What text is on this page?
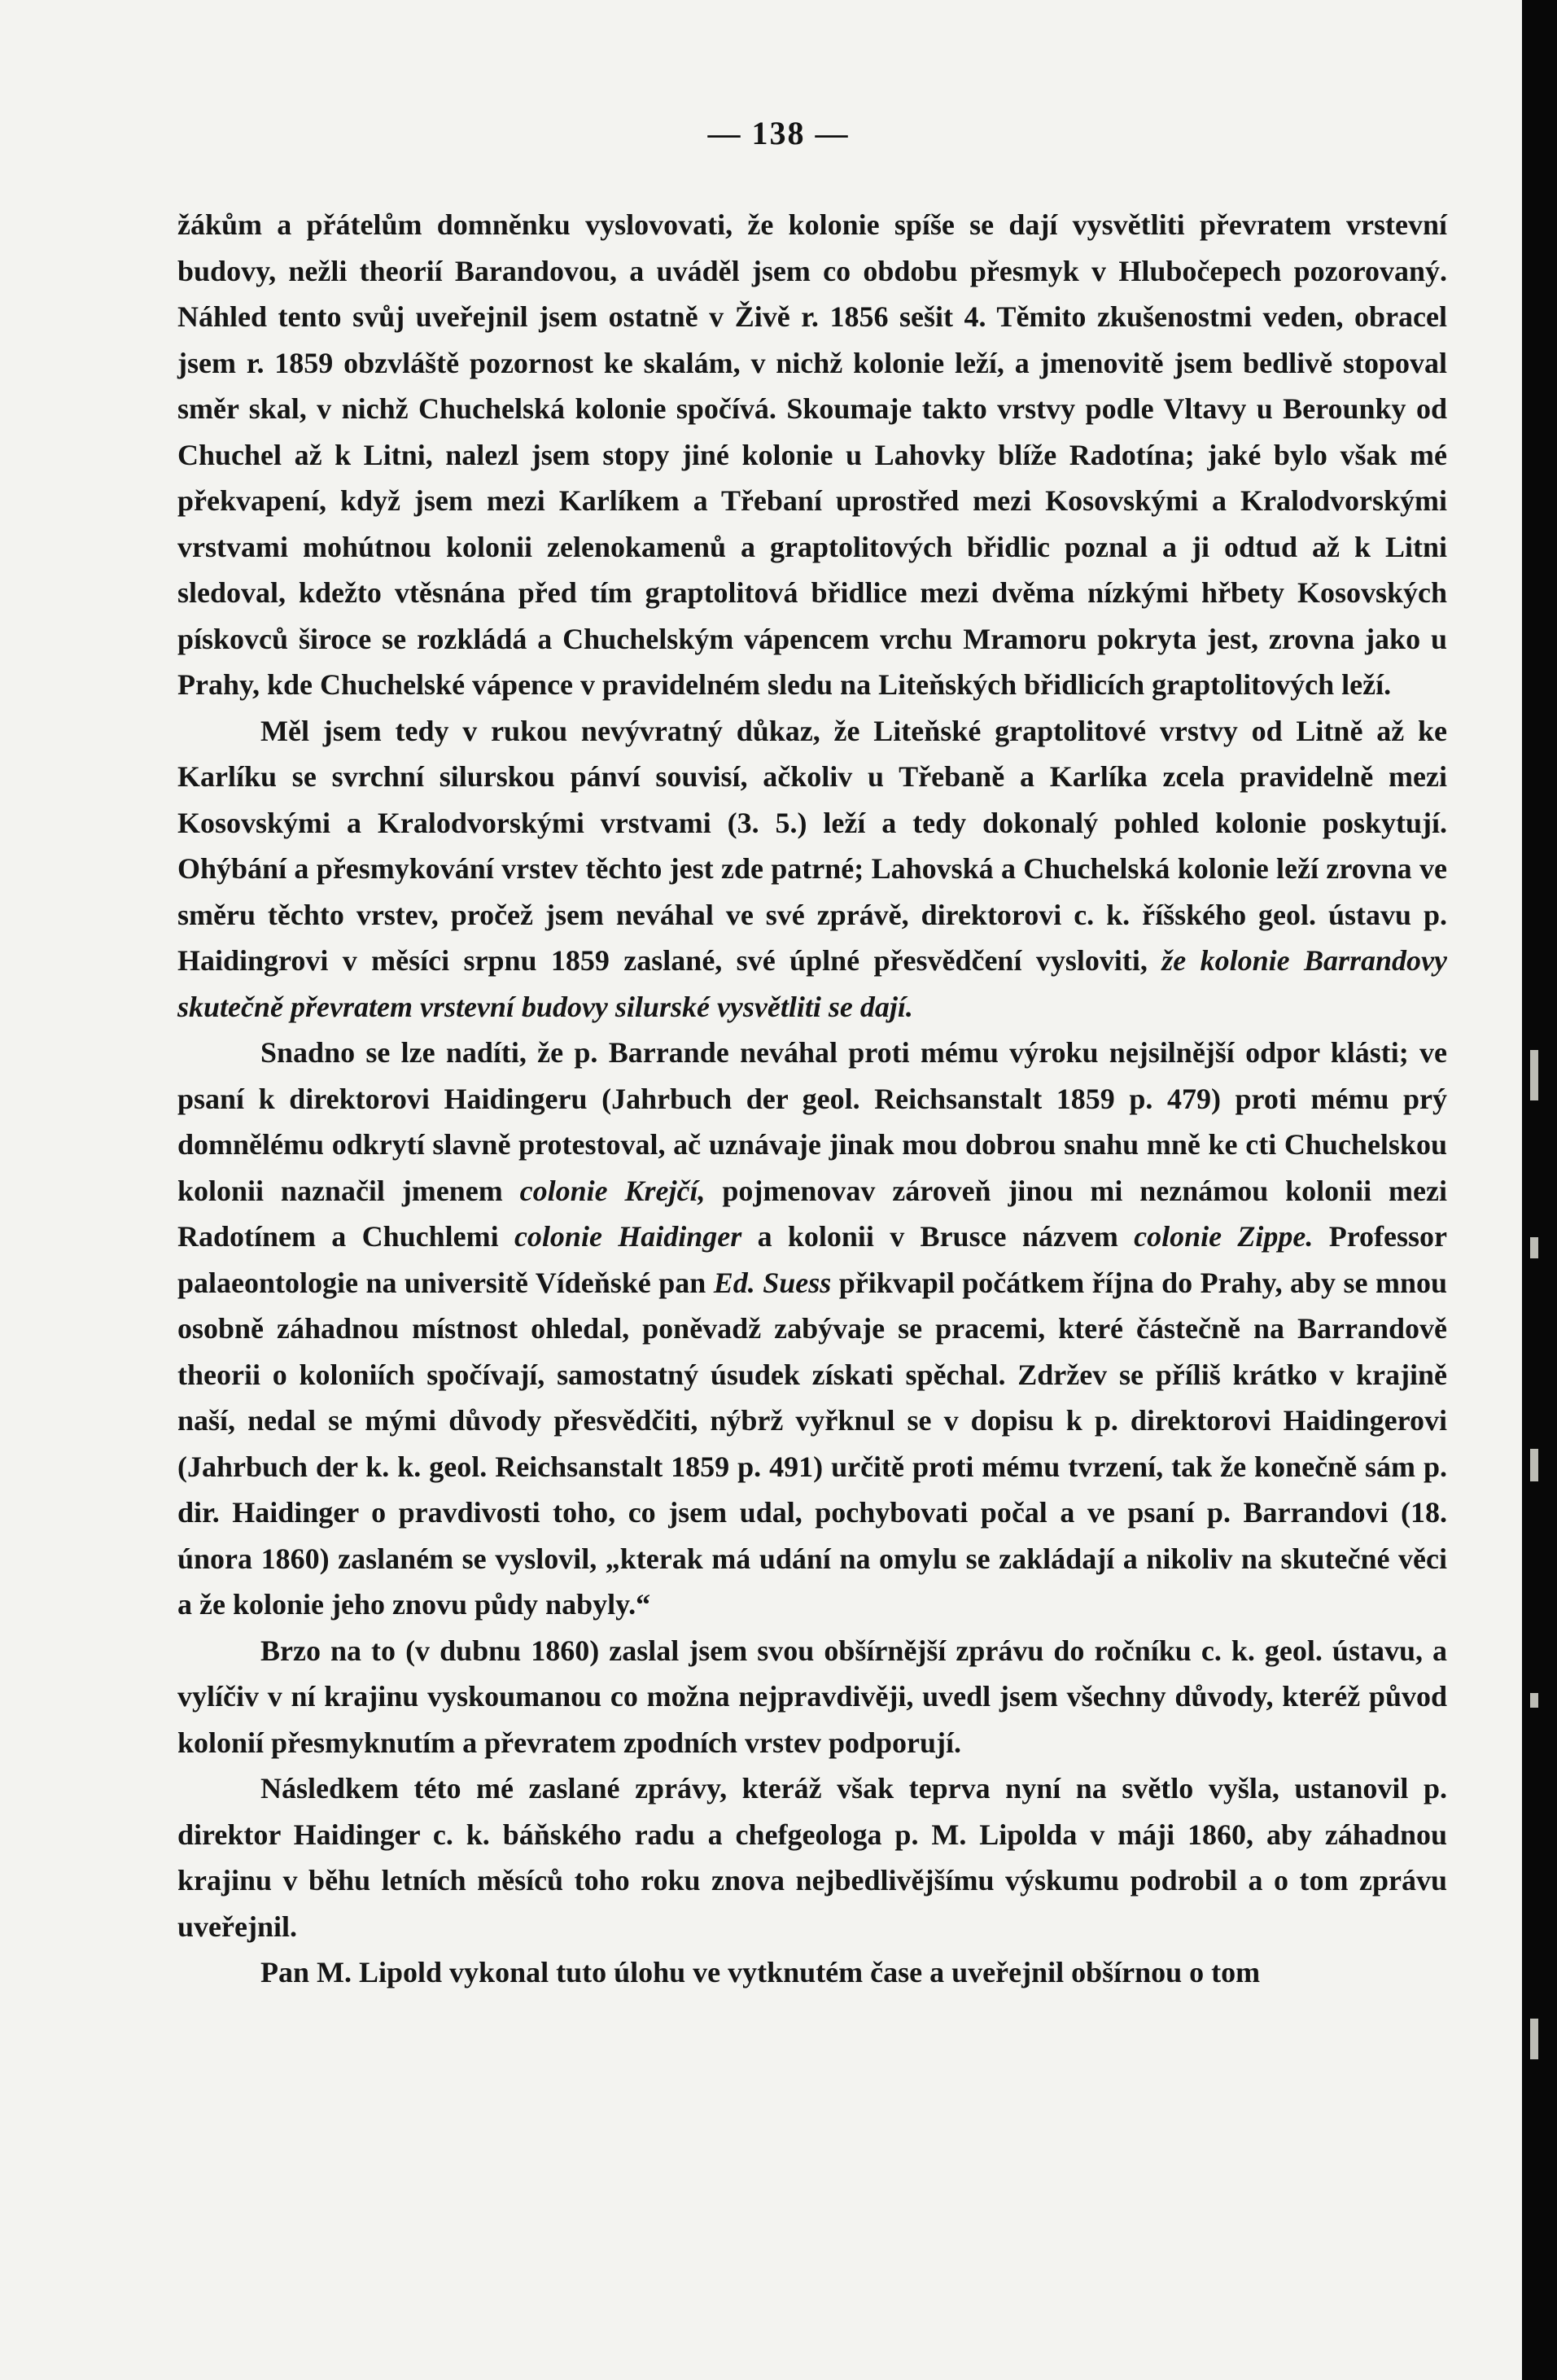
— 138 —

žákům a přátelům domněnku vyslovovati, že kolonie spíše se dají vysvětliti převratem vrstevní budovy, nežli theorií Barandovou, a uváděl jsem co obdobu přesmyk v Hlubočepech pozorovaný. Náhled tento svůj uveřejnil jsem ostatně v Živě r. 1856 sešit 4. Těmito zkušenostmi veden, obracel jsem r. 1859 obzvláště pozornost ke skalám, v nichž kolonie leží, a jmenovitě jsem bedlivě stopoval směr skal, v nichž Chuchelská kolonie spočívá. Skoumaje takto vrstvy podle Vltavy u Berounky od Chuchel až k Litni, nalezl jsem stopy jiné kolonie u Lahovky blíže Radotína; jaké bylo však mé překvapení, když jsem mezi Karlíkem a Třebaní uprostřed mezi Kosovskými a Kralodvorskými vrstvami mohútnou kolonii zelenokamenů a graptolitových břidlic poznal a ji odtud až k Litni sledoval, kdežto vtěsnána před tím graptolitová břidlice mezi dvěma nízkými hřbety Kosovských pískovců široce se rozkládá a Chuchelským vápencem vrchu Mramoru pokryta jest, zrovna jako u Prahy, kde Chuchelské vápence v pravidelném sledu na Liteňských břidlicích graptolitových leží.

Měl jsem tedy v rukou nevývratný důkaz, že Liteňské graptolitové vrstvy od Litně až ke Karlíku se svrchní silurskou pánví souvisí, ačkoliv u Třebaně a Karlíka zcela pravidelně mezi Kosovskými a Kralodvorskými vrstvami (3. 5.) leží a tedy dokonalý pohled kolonie poskytují. Ohýbání a přesmykování vrstev těchto jest zde patrné; Lahovská a Chuchelská kolonie leží zrovna ve směru těchto vrstev, pročež jsem neváhal ve své zprávě, direktorovi c. k. říšského geol. ústavu p. Haidingrovi v měsíci srpnu 1859 zaslané, své úplné přesvědčení vysloviti, že kolonie Barrandovy skutečně převratem vrstevní budovy silurské vysvětliti se dají.

Snadno se lze nadíti, že p. Barrande neváhal proti mému výroku nejsilnější odpor klásti; ve psaní k direktorovi Haidingeru (Jahrbuch der geol. Reichsanstalt 1859 p. 479) proti mému prý domnělému odkrytí slavně protestoval, ač uznávaje jinak mou dobrou snahu mně ke cti Chuchelskou kolonii naznačil jmenem colonie Krejčí, pojmenovav zároveň jinou mi neznámou kolonii mezi Radotínem a Chuchlemi colonie Haidinger a kolonii v Brusce názvem colonie Zippe. Professor palaeontologie na universitě Vídeňské pan Ed. Suess přikvapil počátkem října do Prahy, aby se mnou osobně záhadnou místnost ohledal, poněvadž zabývaje se pracemi, které částečně na Barrandově theorii o koloniích spočívají, samostatný úsudek získati spěchal. Zdržev se příliš krátko v krajině naší, nedal se mými důvody přesvědčiti, nýbrž vyřknul se v dopisu k p. direktorovi Haidingerovi (Jahrbuch der k. k. geol. Reichsanstalt 1859 p. 491) určitě proti mému tvrzení, tak že konečně sám p. dir. Haidinger o pravdivosti toho, co jsem udal, pochybovati počal a ve psaní p. Barrandovi (18. února 1860) zaslaném se vyslovil, „kterak má udání na omylu se zakládají a nikoliv na skutečné věci a že kolonie jeho znovu půdy nabyly.“

Brzo na to (v dubnu 1860) zaslal jsem svou obšírnější zprávu do ročníku c. k. geol. ústavu, a vylíčiv v ní krajinu vyskoumanou co možna nejpravdivěji, uvedl jsem všechny důvody, kteréž původ kolonií přesmyknutím a převratem zpodních vrstev podporují.

Následkem této mé zaslané zprávy, kteráž však teprva nyní na světlo vyšla, ustanovil p. direktor Haidinger c. k. báňského radu a chefgeologa p. M. Lipolda v máji 1860, aby záhadnou krajinu v běhu letních měsíců toho roku znova nejbedlivějšímu výskumu podrobil a o tom zprávu uveřejnil.

Pan M. Lipold vykonal tuto úlohu ve vytknutém čase a uveřejnil obšírnou o tom
